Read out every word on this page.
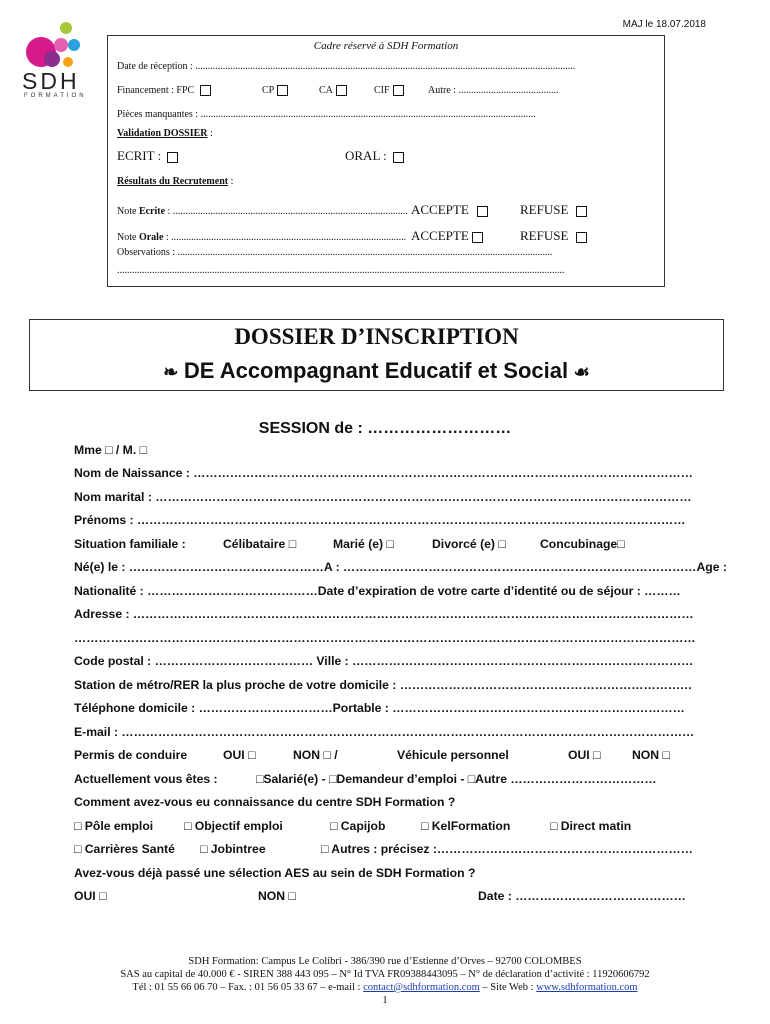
MAJ le 18.07.2018
SDH
FORMATION
Cadre réservé à SDH Formation
Date de réception : ........................................................................................................................................................
Financement : FPC	CP	CA	CIF	Autre : ........................................
Pièces manquantes : ......................................................................................................................................
Validation DOSSIER :
ECRIT :	ORAL :
Résultats du Recrutement :
Note Ecrite : .............................................................................................. ACCEPTE	REFUSE
Note Orale : .............................................................................................. ACCEPTE	REFUSE
Observations : ......................................................................................................................................................
...................................................................................................................................................................................
DOSSIER D’INSCRIPTION
❧ DE Accompagnant Educatif et Social ☙
SESSION de : ………………………
Mme □ / M. □
Nom de Naissance : ……………………………………………………………………………………………………………
Nom marital : ……………………………………………………………………………………………………………………
Prénoms : ………………………………………………………………………………………………………………………
Situation familiale :	Célibataire □	Marié (e) □	Divorcé (e) □	Concubinage□
Né(e) le : …………………………………………A : ……………………………………………………………………………Age :
Nationalité : ……………………………………Date d’expiration de votre carte d’identité ou de séjour : ………
Adresse : …………………………………………………………………………………………………………………………
………………………………………………………………………………………………………………………………………
Code postal : ………………………………… Ville : …………………………………………………………………………
Station de métro/RER la plus proche de votre domicile : ………………………………………………………………
Téléphone domicile : ……………………………Portable : ………………………………………………………………
E-mail : ……………………………………………………………………………………………………………………………
Permis de conduire	OUI □	NON □ /	Véhicule personnel	OUI □	NON □
Actuellement vous êtes :	□Salarié(e) - □Demandeur d’emploi - □Autre ………………………………
Comment avez-vous eu connaissance du centre SDH Formation ?
□ Pôle emploi	□ Objectif emploi	□ Capijob	□ KelFormation	□ Direct matin
□ Carrières Santé □ Jobintree	□ Autres : précisez :………………………………………………………
Avez-vous déjà passé une sélection AES au sein de SDH Formation ?
OUI □	NON □	Date : ……………………………………
SDH Formation: Campus Le Colibri - 386/390 rue d’Estienne d’Orves – 92700 COLOMBES
SAS au capital de 40.000 € - SIREN 388 443 095 – N° Id TVA FR09388443095 – N° de déclaration d’activité : 11920606792
Tél : 01 55 66 06 70 – Fax. : 01 56 05 33 67 – e-mail : contact@sdhformation.com – Site Web : www.sdhformation.com
1
